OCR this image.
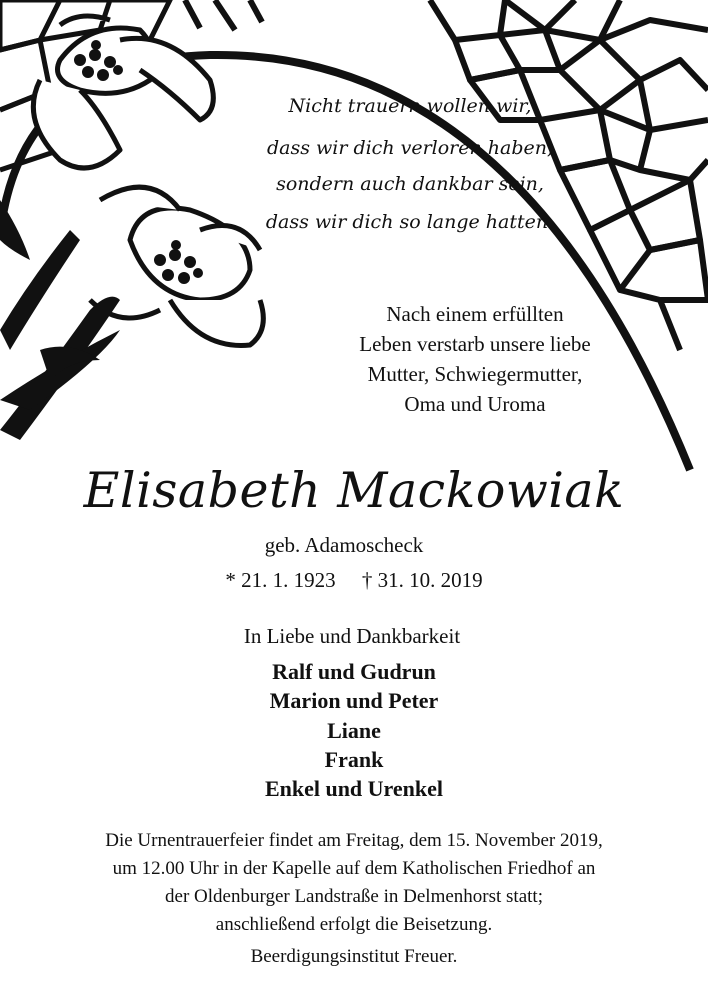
Nicht trauern wollen wir,
dass wir dich verloren haben,
sondern auch dankbar sein,
dass wir dich so lange hatten.
Nach einem erfüllten
Leben verstarb unsere liebe
Mutter, Schwiegermutter,
Oma und Uroma
Elisabeth Mackowiak
geb. Adamoscheck
* 21. 1. 1923 † 31. 10. 2019
In Liebe und Dankbarkeit
Ralf und Gudrun
Marion und Peter
Liane
Frank
Enkel und Urenkel
Die Urnentrauerfeier findet am Freitag, dem 15. November 2019,
um 12.00 Uhr in der Kapelle auf dem Katholischen Friedhof an
der Oldenburger Landstraße in Delmenhorst statt;
anschließend erfolgt die Beisetzung.
Beerdigungsinstitut Freuer.
